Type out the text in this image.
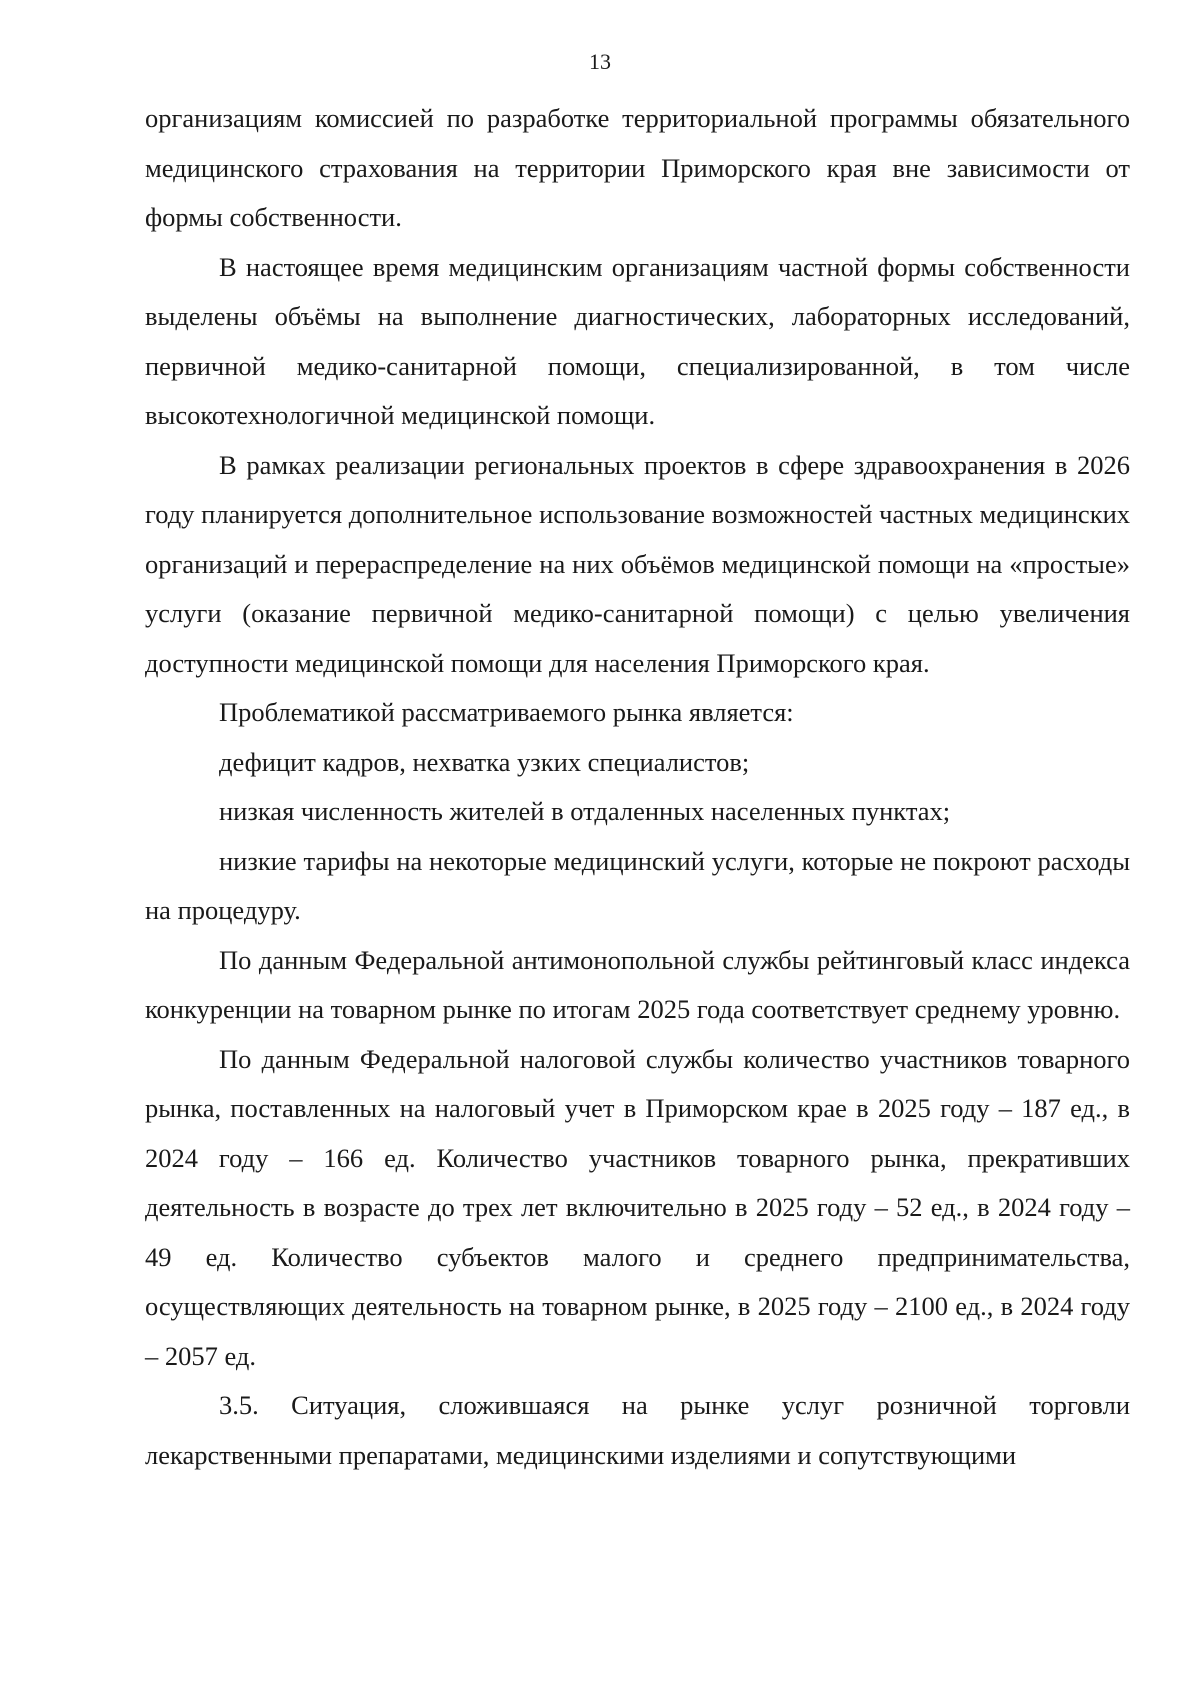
13

организациям комиссией по разработке территориальной программы обязательного медицинского страхования на территории Приморского края вне зависимости от формы собственности.

В настоящее время медицинским организациям частной формы собственности выделены объёмы на выполнение диагностических, лабораторных исследований, первичной медико-санитарной помощи, специализированной, в том числе высокотехнологичной медицинской помощи.

В рамках реализации региональных проектов в сфере здравоохранения в 2026 году планируется дополнительное использование возможностей частных медицинских организаций и перераспределение на них объёмов медицинской помощи на «простые» услуги (оказание первичной медико-санитарной помощи) с целью увеличения доступности медицинской помощи для населения Приморского края.

Проблематикой рассматриваемого рынка является:

дефицит кадров, нехватка узких специалистов;

низкая численность жителей в отдаленных населенных пунктах;

низкие тарифы на некоторые медицинский услуги, которые не покроют расходы на процедуру.

По данным Федеральной антимонопольной службы рейтинговый класс индекса конкуренции на товарном рынке по итогам 2025 года соответствует среднему уровню.

По данным Федеральной налоговой службы количество участников товарного рынка, поставленных на налоговый учет в Приморском крае в 2025 году – 187 ед., в 2024 году – 166 ед. Количество участников товарного рынка, прекративших деятельность в возрасте до трех лет включительно в 2025 году – 52 ед., в 2024 году – 49 ед. Количество субъектов малого и среднего предпринимательства, осуществляющих деятельность на товарном рынке, в 2025 году – 2100 ед., в 2024 году – 2057 ед.

3.5. Ситуация, сложившаяся на рынке услуг розничной торговли лекарственными препаратами, медицинскими изделиями и сопутствующими
